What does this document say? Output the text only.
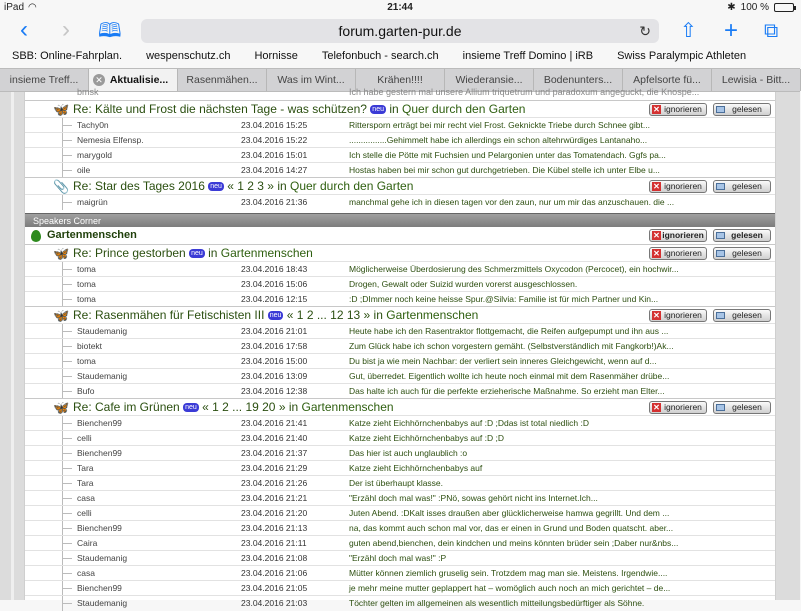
iPad ◠	21:44	✱ 100 %
‹ › 🕮	forum.garten-pur.de	↻ ⇧ + ⧉
SBB: Online-Fahrplan. wespenschutz.ch Hornisse Telefonbuch - search.ch insieme Treff Domino | iRB Swiss Paralympic Athleten
insieme Treff...	✕ Aktualisie...	Rasenmähen...	Was im Wint...	Krähen!!!!	Wiederansie...	Bodenunters...	Apfelsorte fü...	Lewisia - Bitt...
bmsk	Ich habe gestern mal unsere Allium triquetrum und paradoxum angeguckt, die Knospe...
🦋 Re: Kälte und Frost die nächsten Tage - was schützen? neu in Quer durch den Garten	✕ ignorieren	gelesen
Tachy0n	23.04.2016 15:25	Rittersporn erträgt bei mir recht viel Frost. Geknickte Triebe durch Schnee gibt...
Nemesia Elfensp.	23.04.2016 15:22	................Gehimmelt habe ich allerdings ein schon altehrwürdiges Lantanaho...
marygold	23.04.2016 15:01	Ich stelle die Pötte mit Fuchsien und Pelargonien unter das Tomatendach. Ggfs pa...
oile	23.04.2016 14:27	Hostas haben bei mir schon gut durchgetrieben. Die Kübel stelle ich unter Elbe u...
📎 Re: Star des Tages 2016 neu « 1 2 3 » in Quer durch den Garten	✕ ignorieren	gelesen
maigrün	23.04.2016 21:36	manchmal gehe ich in diesen tagen vor den zaun, nur um mir das anzuschauen. die ...
Speakers Corner
Gartenmenschen	✕ ignorieren	gelesen
🦋 Re: Prince gestorben neu in Gartenmenschen	✕ ignorieren	gelesen
toma	23.04.2016 18:43	Möglicherweise Überdosierung des Schmerzmittels Oxycodon (Percocet), ein hochwir...
toma	23.04.2016 15:06	Drogen, Gewalt oder Suizid wurden vorerst ausgeschlossen.
toma	23.04.2016 12:15	:D ;DImmer noch keine heisse Spur.@Silvia: Familie ist für mich Partner und Kin...
🦋 Re: Rasenmähen für Fetischisten III neu « 1 2 ... 12 13 » in Gartenmenschen	✕ ignorieren	gelesen
Staudemanig	23.04.2016 21:01	Heute habe ich den Rasentraktor flottgemacht, die Reifen aufgepumpt und ihn aus ...
biotekt	23.04.2016 17:58	Zum Glück habe ich schon vorgestern gemäht. (Selbstverständlich mit Fangkorb!)Ak...
toma	23.04.2016 15:00	Du bist ja wie mein Nachbar: der verliert sein inneres Gleichgewicht, wenn auf d...
Staudemanig	23.04.2016 13:09	Gut, überredet. Eigentlich wollte ich heute noch einmal mit dem Rasenmäher drübe...
Bufo	23.04.2016 12:38	Das halte ich auch für die perfekte erzieherische Maßnahme. So erzieht man Elter...
🦋 Re: Cafe im Grünen neu « 1 2 ... 19 20 » in Gartenmenschen	✕ ignorieren	gelesen
Bienchen99	23.04.2016 21:41	Katze zieht Eichhörnchenbabys auf :D ;Ddas ist total niedlich :D
celli	23.04.2016 21:40	Katze zieht Eichhörnchenbabys auf :D ;D
Bienchen99	23.04.2016 21:37	Das hier ist auch unglaublich :o
Tara	23.04.2016 21:29	Katze zieht Eichhörnchenbabys auf
Tara	23.04.2016 21:26	Der ist überhaupt klasse.
casa	23.04.2016 21:21	"Erzähl doch mal was!" :PNö, sowas gehört nicht ins Internet.Ich...
celli	23.04.2016 21:20	Juten Abend. :DKalt isses draußen aber glücklicherweise hamwa gegrillt. Und dem ...
Bienchen99	23.04.2016 21:13	na, das kommt auch schon mal vor, das er einen in Grund und Boden quatscht. aber...
Caira	23.04.2016 21:11	guten abend,bienchen, dein kindchen und meins könnten brüder sein ;Daber nur&nbs...
Staudemanig	23.04.2016 21:08	"Erzähl doch mal was!" :P
casa	23.04.2016 21:06	Mütter können ziemlich gruselig sein. Trotzdem mag man sie. Meistens. Irgendwie....
Bienchen99	23.04.2016 21:05	je mehr meine mutter geplappert hat – womöglich auch noch an mich gerichtet – de...
Staudemanig	23.04.2016 21:03	Töchter gelten im allgemeinen als wesentlich mitteilungsbedürftiger als Söhne.
